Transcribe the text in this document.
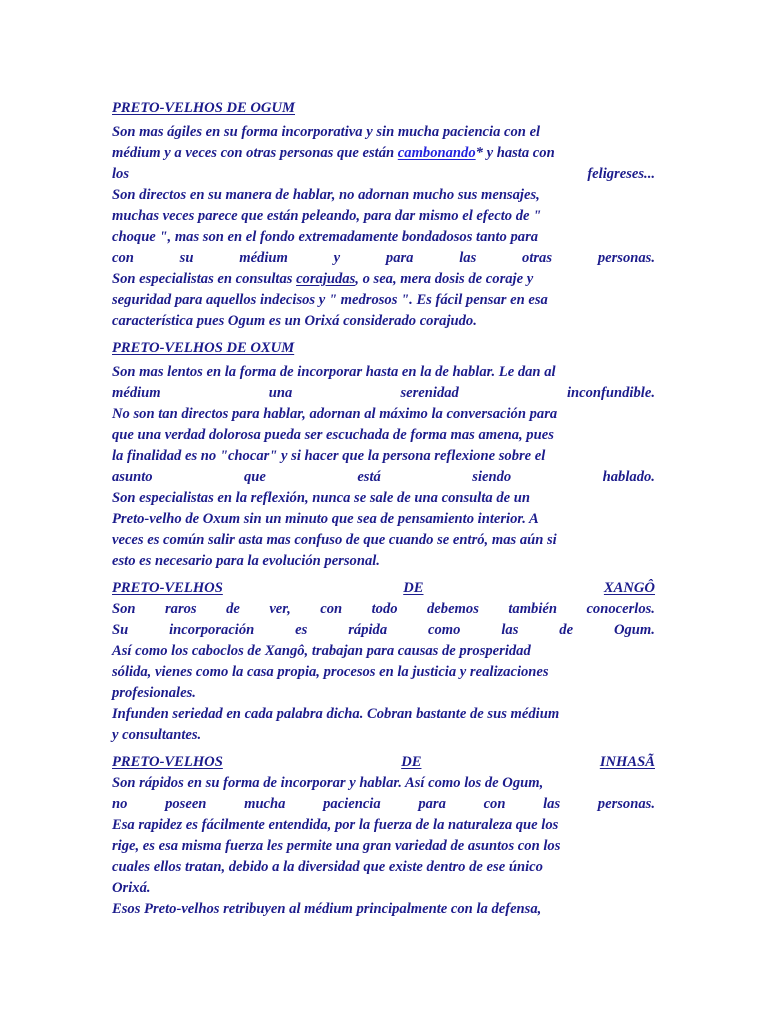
PRETO-VELHOS DE OGUM
Son mas ágiles en su forma incorporativa y sin mucha paciencia con el
médium y a veces con otras personas que están cambonando* y hasta con
los	feligreses...
Son directos en su manera de hablar, no adornan mucho sus mensajes,
muchas veces parece que están peleando, para dar mismo el efecto de "
choque ", mas son en el fondo extremadamente bondadosos tanto para
con	su	médium	y	para	las	otras	personas.
Son especialistas en consultas corajudas, o sea, mera dosis de coraje y
seguridad para aquellos indecisos y " medrosos ". Es fácil pensar en esa
característica pues Ogum es un Orixá considerado corajudo.
PRETO-VELHOS DE OXUM
Son mas lentos en la forma de incorporar hasta en la de hablar. Le dan al
médium	una	serenidad	inconfundible.
No son tan directos para hablar, adornan al máximo la conversación para
que una verdad dolorosa pueda ser escuchada de forma mas amena, pues
la finalidad es no "chocar" y si hacer que la persona reflexione sobre el
asunto	que	está	siendo	hablado.
Son especialistas en la reflexión, nunca se sale de una consulta de un
Preto-velho de Oxum sin un minuto que sea de pensamiento interior. A
veces es común salir asta mas confuso de que cuando se entró, mas aún si
esto es necesario para la evolución personal.
PRETO-VELHOS	DE	XANGÔ
Son raros de ver, con todo debemos también conocerlos.
Su	incorporación	es	rápida	como	las	de	Ogum.
Así como los caboclos de Xangô, trabajan para causas de prosperidad
sólida, vienes como la casa propia, procesos en la justicia y realizaciones
profesionales.
Infunden seriedad en cada palabra dicha. Cobran bastante de sus médium
y consultantes.
PRETO-VELHOS	DE	INHASÃ
Son rápidos en su forma de incorporar y hablar. Así como los de Ogum,
no	poseen	mucha	paciencia	para	con	las	personas.
Esa rapidez es fácilmente entendida, por la fuerza de la naturaleza que los
rige, es esa misma fuerza les permite una gran variedad de asuntos con los
cuales ellos tratan, debido a la diversidad que existe dentro de ese único
Orixá.
Esos Preto-velhos retribuyen al médium principalmente con la defensa,
